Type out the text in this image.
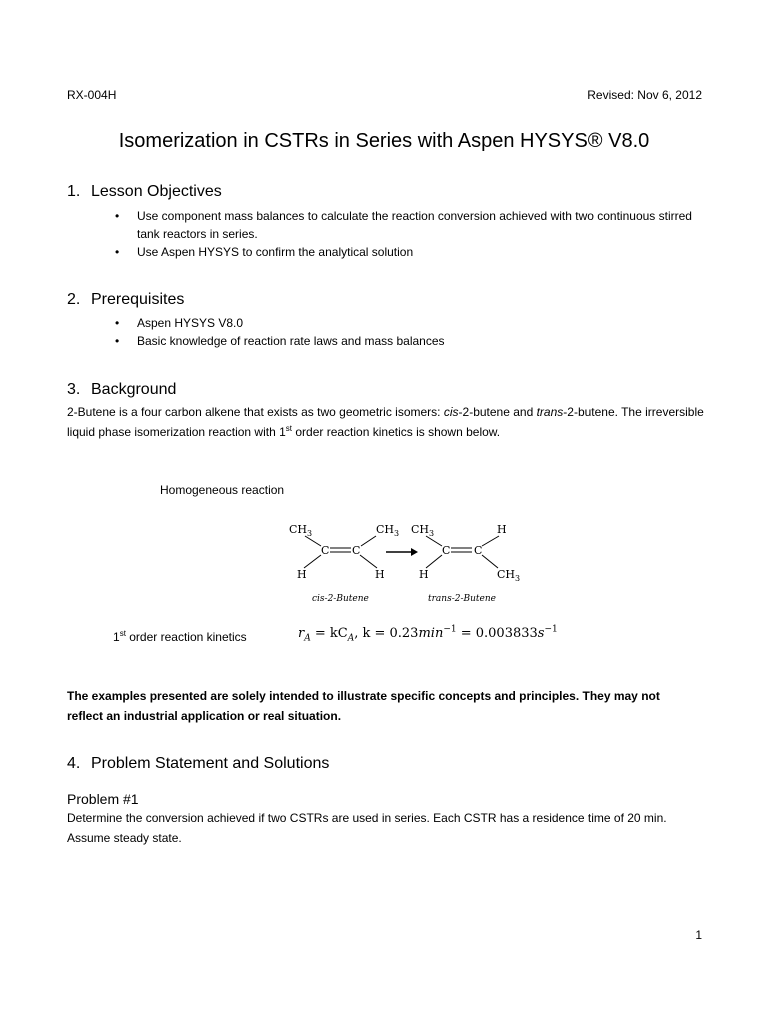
RX-004H	Revised: Nov 6, 2012
Isomerization in CSTRs in Series with Aspen HYSYS® V8.0
1. Lesson Objectives
• Use component mass balances to calculate the reaction conversion achieved with two continuous stirred tank reactors in series.
• Use Aspen HYSYS to confirm the analytical solution
2. Prerequisites
• Aspen HYSYS V8.0
• Basic knowledge of reaction rate laws and mass balances
3. Background
2-Butene is a four carbon alkene that exists as two geometric isomers: cis-2-butene and trans-2-butene. The irreversible liquid phase isomerization reaction with 1st order reaction kinetics is shown below.
Homogeneous reaction
$CH_3$	$CH_3$
C C
H	H
cis-2-Butene
$CH_3$	H
C C
H	$CH_3$
trans-2-Butene
1st order reaction kinetics	$r_A = kC_A$, $k = 0.23\min^{-1} = 0.003833s^{-1}$
The examples presented are solely intended to illustrate specific concepts and principles. They may not reflect an industrial application or real situation.
4. Problem Statement and Solutions
Problem #1
Determine the conversion achieved if two CSTRs are used in series. Each CSTR has a residence time of 20 min. Assume steady state.
1
